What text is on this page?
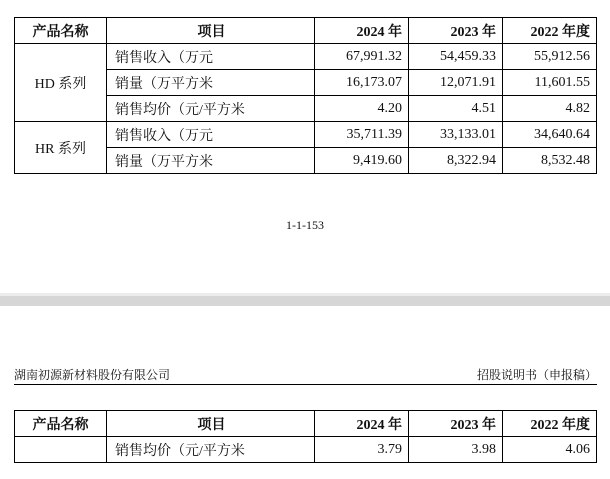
产品名称	项目	2024 年	2023 年	2022 年度
HD 系列	销售收入（万元	67,991.32	54,459.33	55,912.56
	销量（万平方米	16,173.07	12,071.91	11,601.55
	销售均价（元/平方米	4.20	4.51	4.82
HR 系列	销售收入（万元	35,711.39	33,133.01	34,640.64
	销量（万平方米	9,419.60	8,322.94	8,532.48
1-1-153
湖南初源新材料股份有限公司	招股说明书（申报稿）
产品名称	项目	2024 年	2023 年	2022 年度
	销售均价（元/平方米	3.79	3.98	4.06
